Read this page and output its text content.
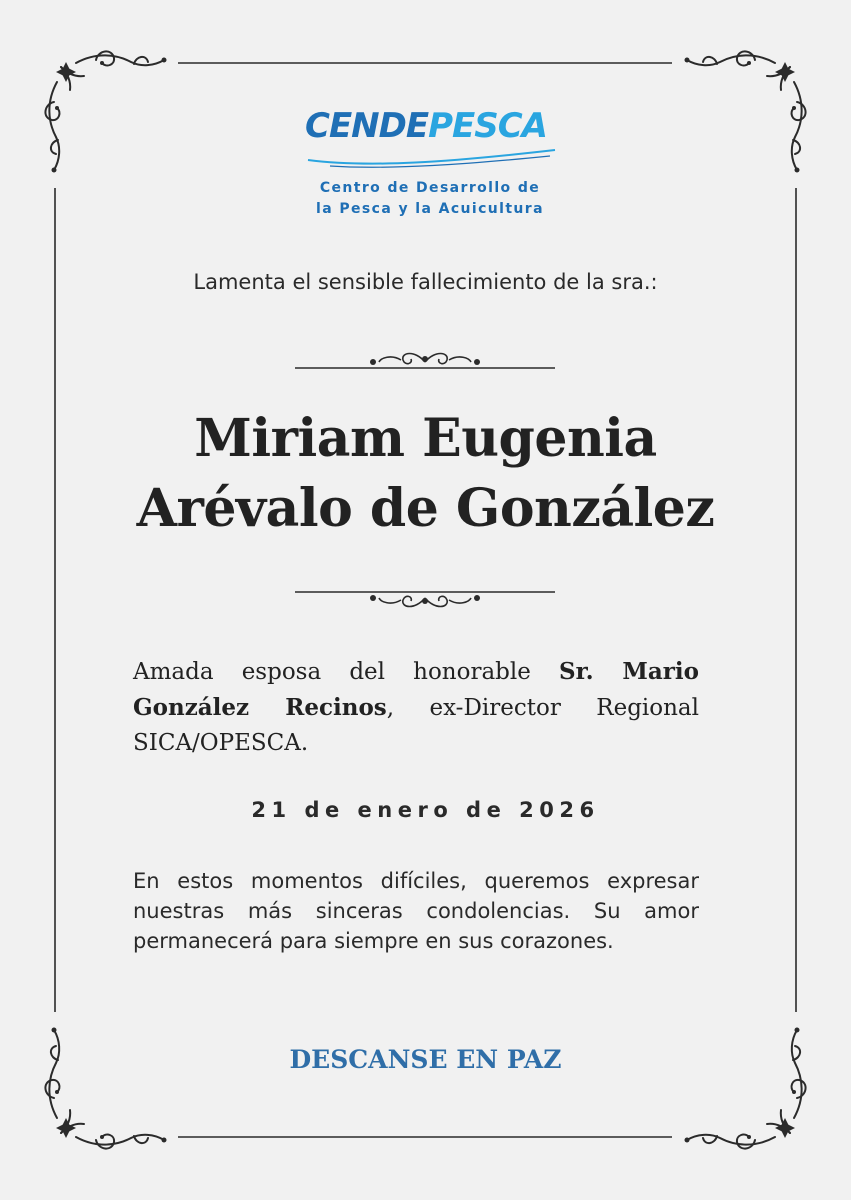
CENDEPESCA
Centro de Desarrollo de
la Pesca y la Acuicultura
Lamenta el sensible fallecimiento de la sra.:
Miriam Eugenia
Arévalo de González
Amada esposa del honorable Sr. Mario González Recinos, ex-Director Regional SICA/OPESCA.
21 de enero de 2026
En estos momentos difíciles, queremos expresar nuestras más sinceras condolencias. Su amor permanecerá para siempre en sus corazones.
DESCANSE EN PAZ
